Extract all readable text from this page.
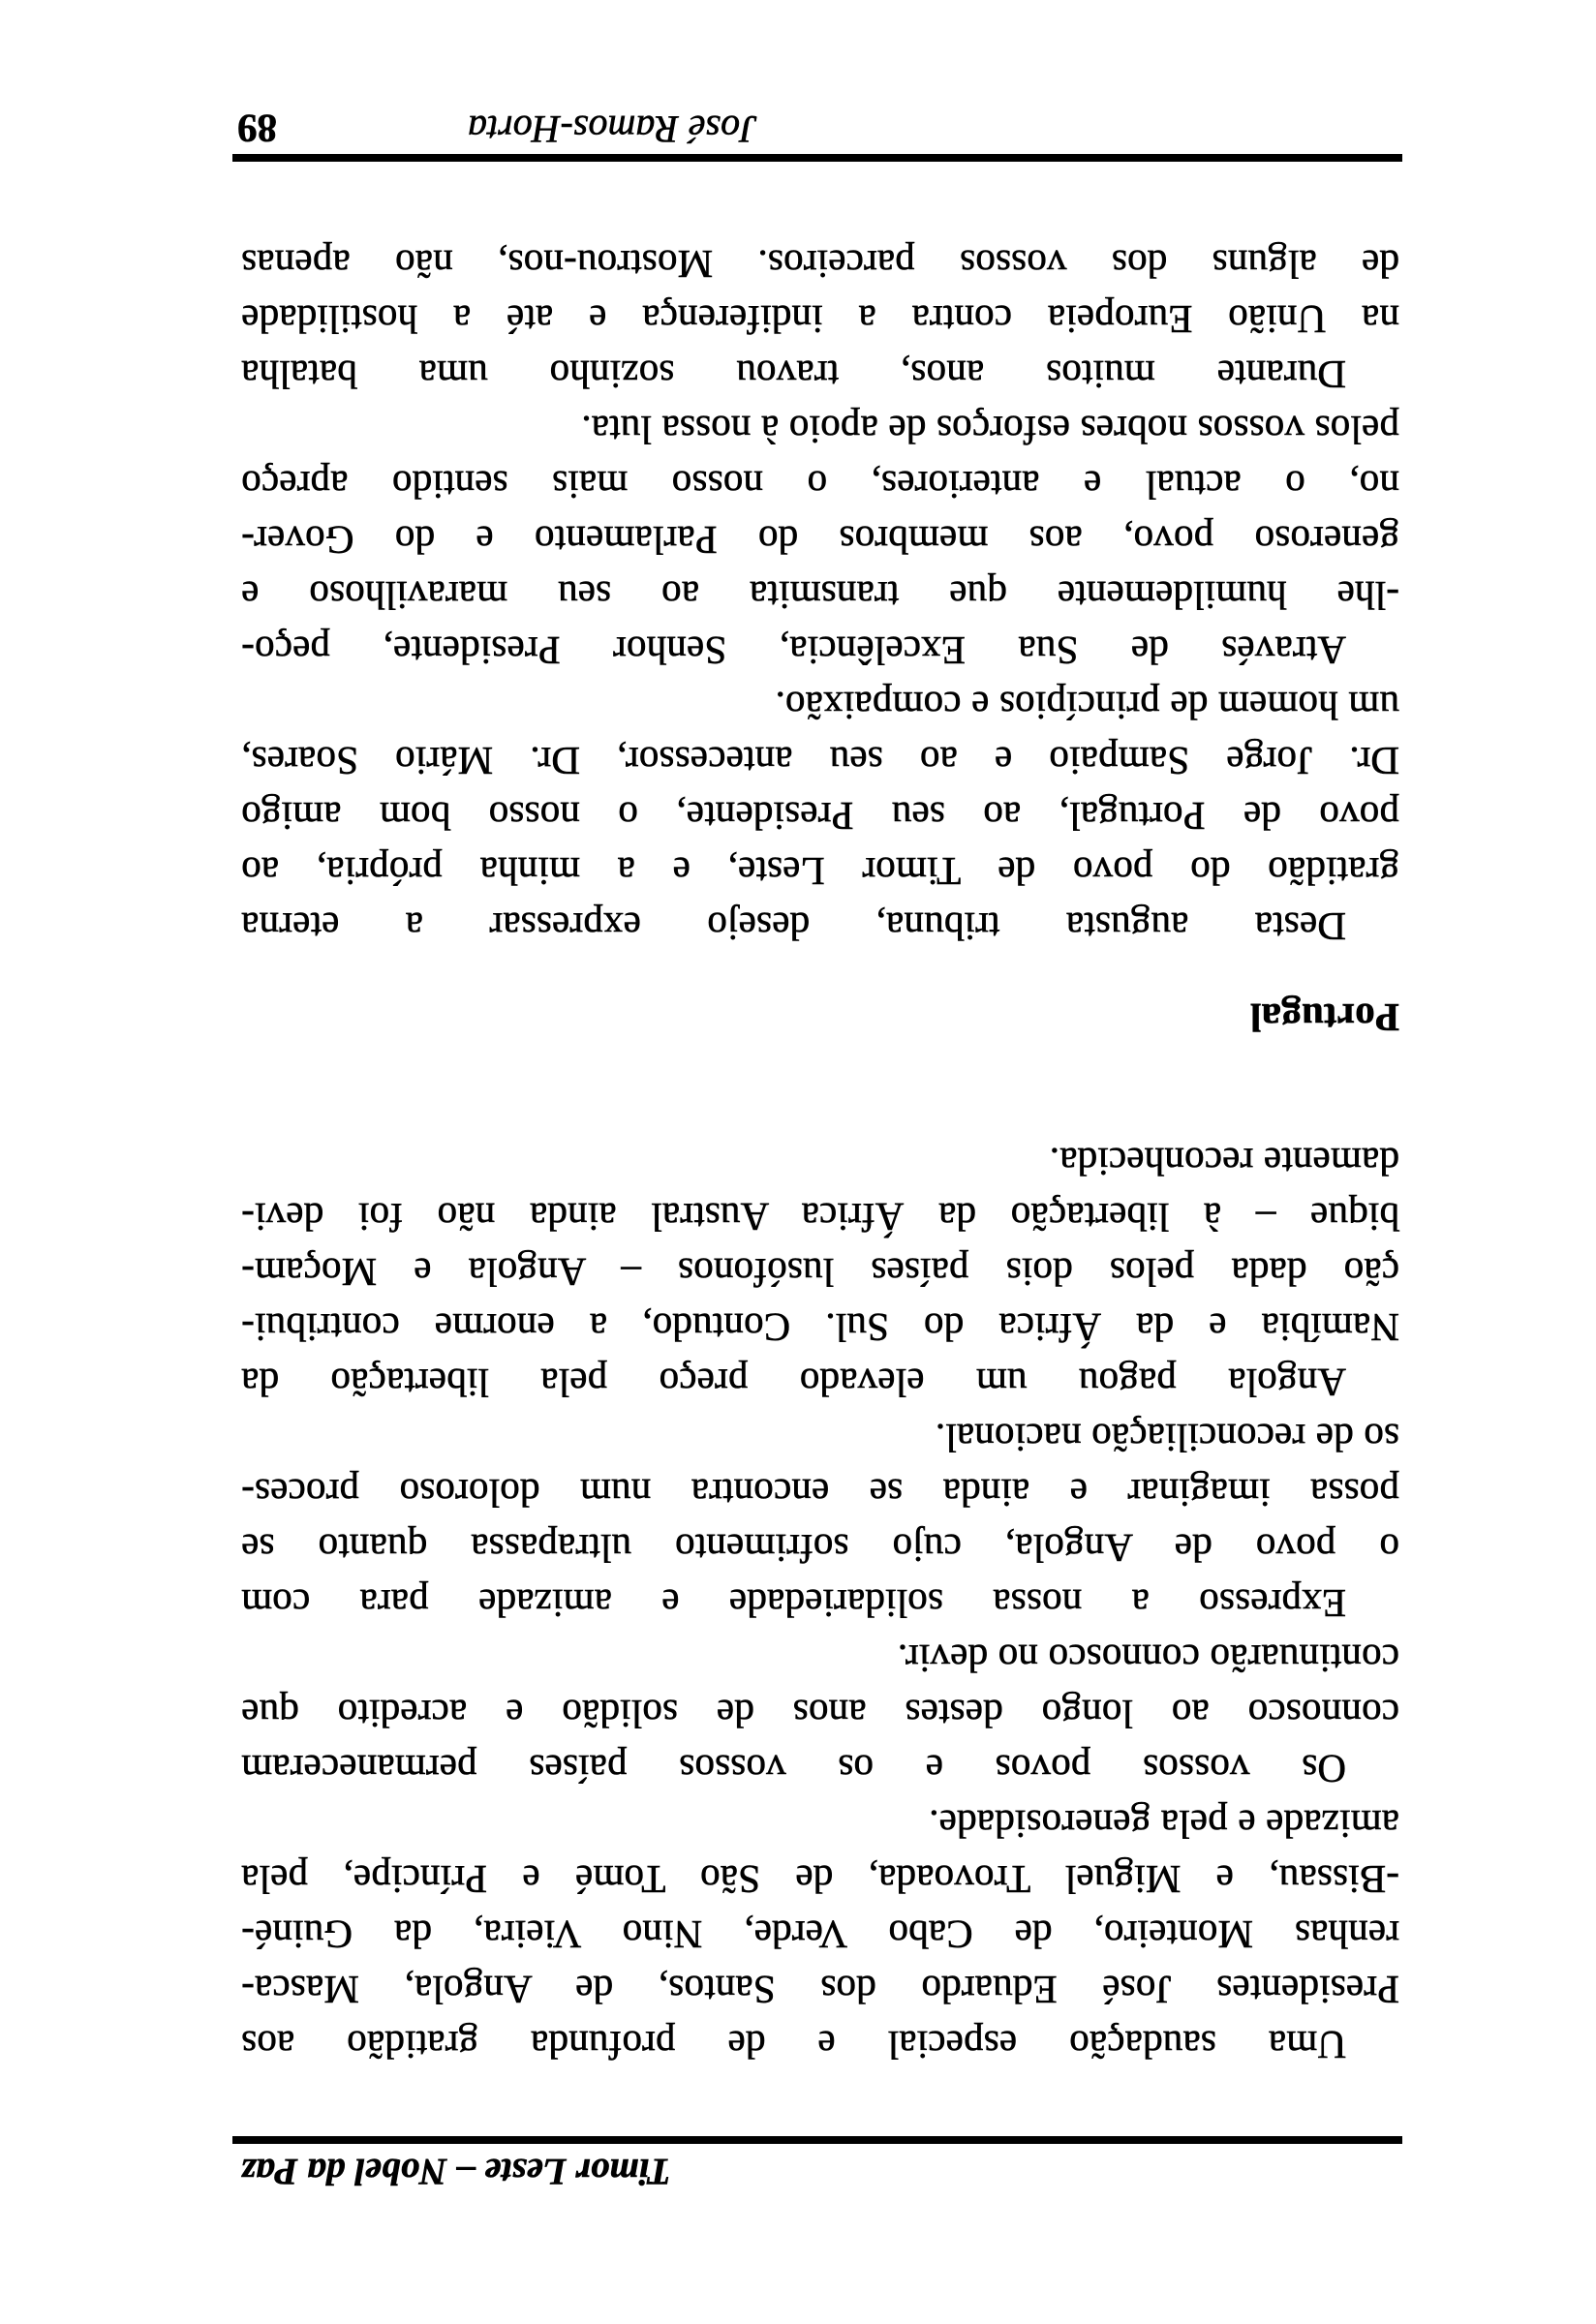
Timor Leste – Nobel da Paz
Uma saudação especial e de profunda gratidão aos
Presidentes José Eduardo dos Santos, de Angola, Masca-
renhas Monteiro, de Cabo Verde, Nino Vieira, da Guiné-
-Bissau, e Miguel Trovoada, de São Tomé e Príncipe, pela
amizade e pela generosidade.
Os vossos povos e os vossos países permaneceram
connosco ao longo destes anos de solidão e acredito que
continuarão connosco no devir.
Expresso a nossa solidariedade e amizade para com
o povo de Angola, cujo sofrimento ultrapassa quanto se
possa imaginar e ainda se encontra num doloroso proces-
so de reconciliação nacional.
Angola pagou um elevado preço pela libertação da
Namíbia e da África do Sul. Contudo, a enorme contribui-
ção dada pelos dois países lusófonos – Angola e Moçam-
bique – à libertação da África Austral ainda não foi devi-
damente reconhecida.
Portugal
Desta augusta tribuna, desejo expressar a eterna
gratidão do povo de Timor Leste, e a minha própria, ao
povo de Portugal, ao seu Presidente, o nosso bom amigo
Dr. Jorge Sampaio e ao seu antecessor, Dr. Mário Soares,
um homem de princípios e compaixão.
Através de Sua Excelência, Senhor Presidente, peço-
-lhe humildemente que transmita ao seu maravilhoso e
generoso povo, aos membros do Parlamento e do Gover-
no, o actual e anteriores, o nosso mais sentido apreço
pelos vossos nobres esforços de apoio à nossa luta.
Durante muitos anos, travou sozinho uma batalha
na União Europeia contra a indiferença e até a hostilidade
de alguns dos vossos parceiros. Mostrou-nos, não apenas
José Ramos-Horta
89
